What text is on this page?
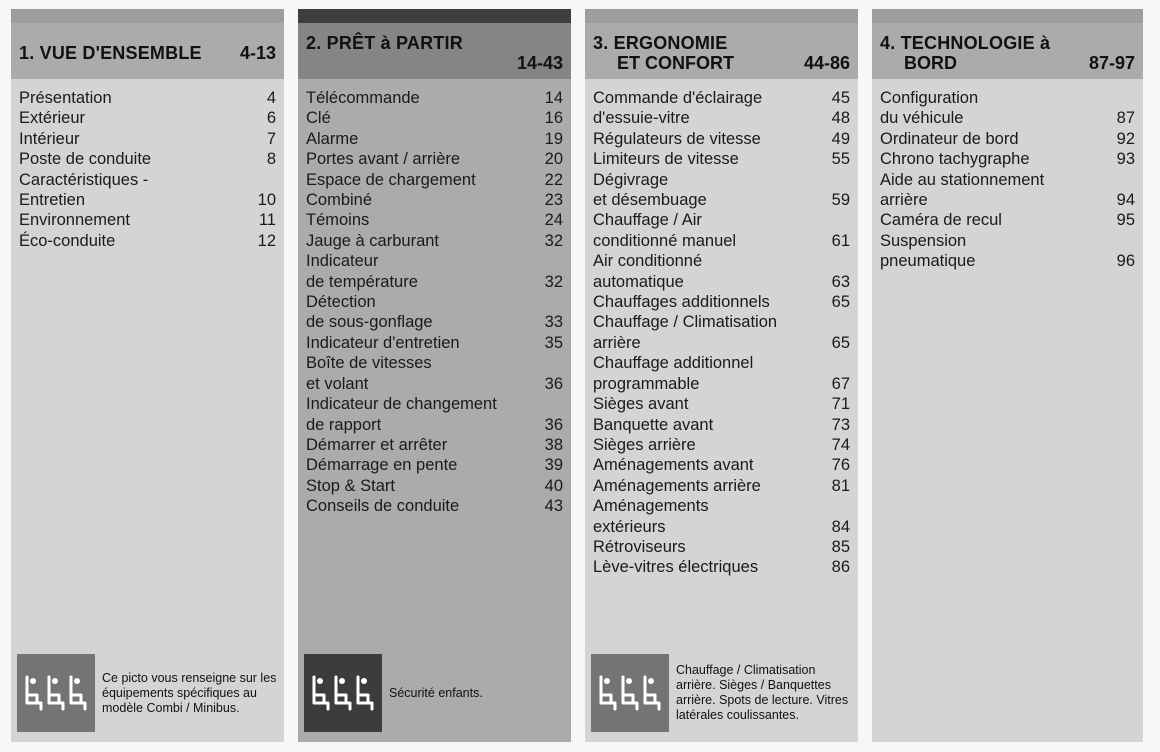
1. VUE D'ENSEMBLE 4-13
Présentation	4
Extérieur	6
Intérieur	7
Poste de conduite	8
Caractéristiques -
Entretien	10
Environnement	11
Éco-conduite	12
Ce picto vous renseigne sur les équipements spécifiques au modèle Combi / Minibus.
2. PRÊT à PARTIR
14-43
Télécommande	14
Clé	16
Alarme	19
Portes avant / arrière	20
Espace de chargement	22
Combiné	23
Témoins	24
Jauge à carburant	32
Indicateur
de température	32
Détection
de sous-gonflage	33
Indicateur d'entretien	35
Boîte de vitesses
et volant	36
Indicateur de changement
de rapport	36
Démarrer et arrêter	38
Démarrage en pente	39
Stop & Start	40
Conseils de conduite	43
Sécurité enfants.
3. ERGONOMIE
ET CONFORT	44-86
Commande d'éclairage	45
d'essuie-vitre	48
Régulateurs de vitesse	49
Limiteurs de vitesse	55
Dégivrage
et désembuage	59
Chauffage / Air
conditionné manuel	61
Air conditionné
automatique	63
Chauffages additionnels	65
Chauffage / Climatisation
arrière	65
Chauffage additionnel
programmable	67
Sièges avant	71
Banquette avant	73
Sièges arrière	74
Aménagements avant	76
Aménagements arrière	81
Aménagements
extérieurs	84
Rétroviseurs	85
Lève-vitres électriques	86
Chauffage / Climatisation arrière. Sièges / Banquettes arrière. Spots de lecture. Vitres latérales coulissantes.
4. TECHNOLOGIE à
BORD	87-97
Configuration
du véhicule	87
Ordinateur de bord	92
Chrono tachygraphe	93
Aide au stationnement
arrière	94
Caméra de recul	95
Suspension
pneumatique	96
